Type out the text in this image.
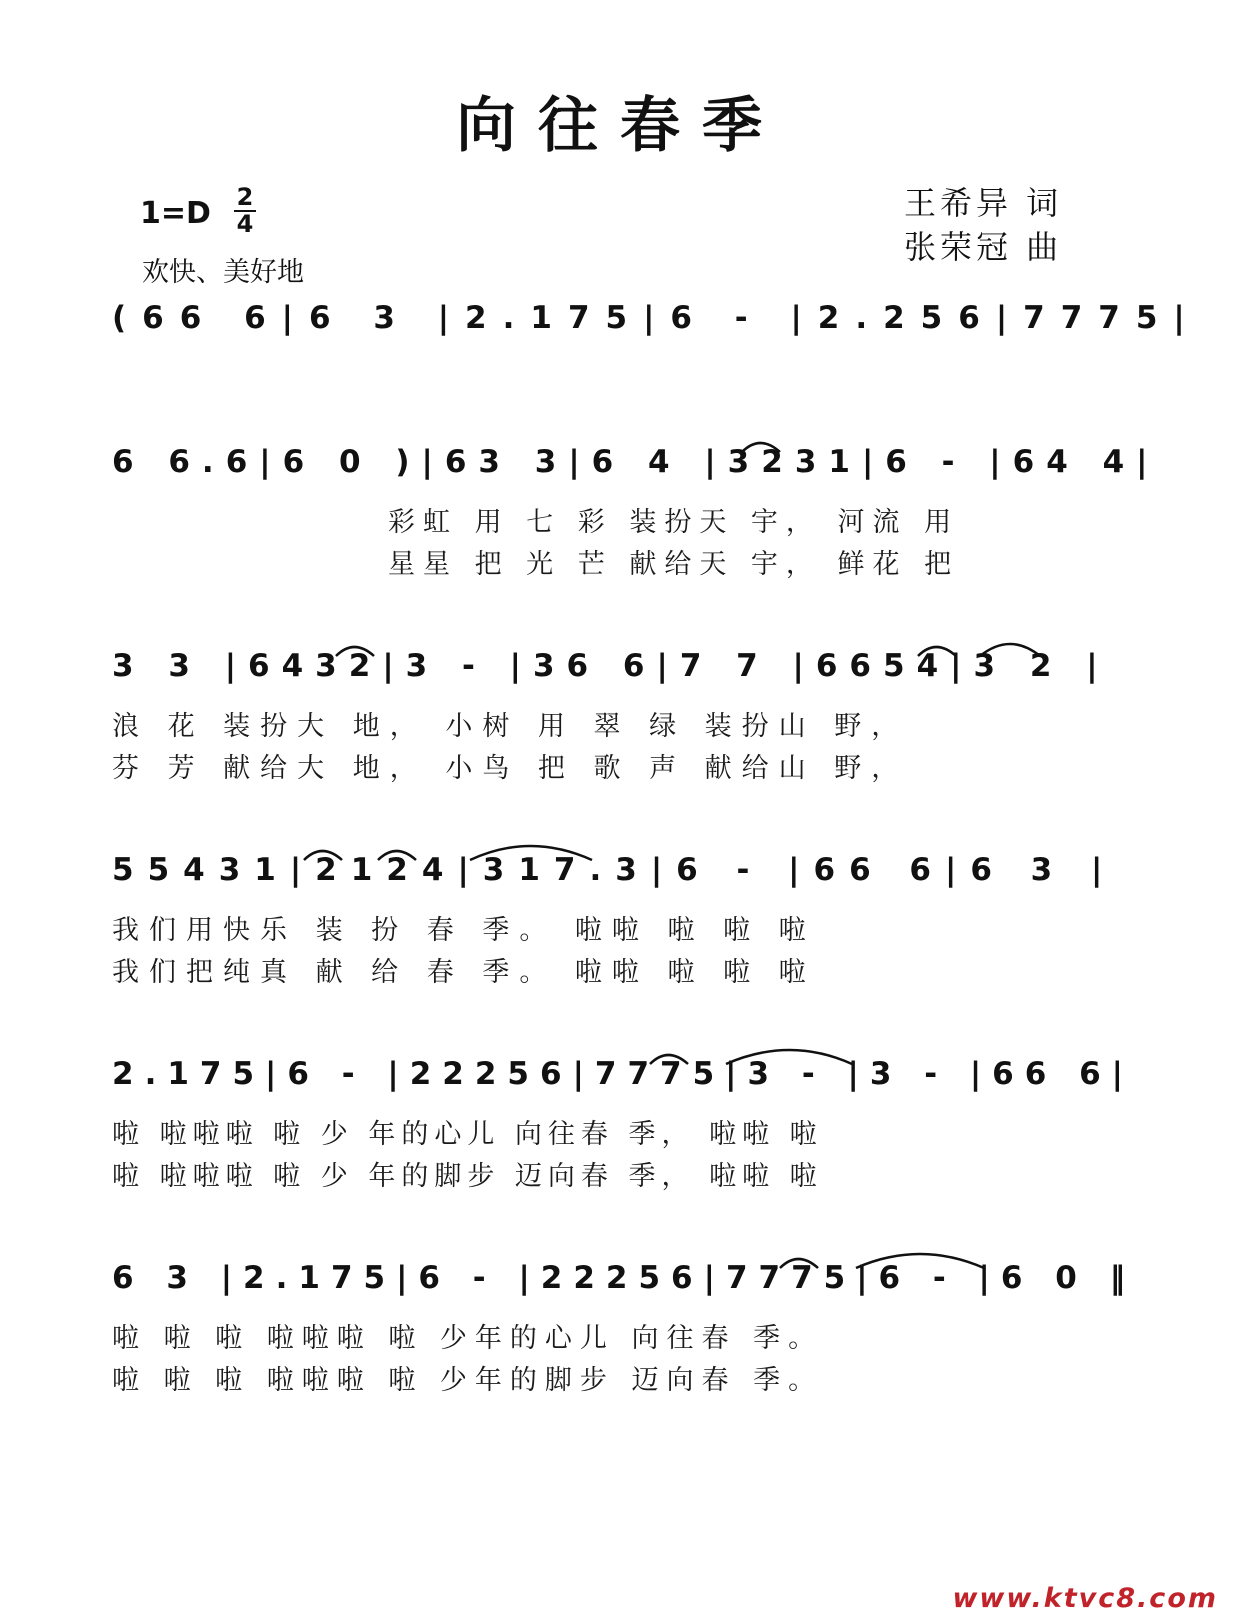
向往春季
1=D 2
4
欢快、美好地
王希异 词
张荣冠 曲
(66 6|6 3 |2.175|6 - |2.256|7775|
6 6.6|6 0 )|63 3|6 4 |3231|6 - |64 4|
彩虹 用 七 彩 装扮天 宇， 河流 用
星星 把 光 芒 献给天 宇， 鲜花 把
3 3 |6432|3 - |36 6|7 7 |6654|3 2 |
浪 花 装扮大 地， 小树 用 翠 绿 装扮山 野，
芬 芳 献给大 地， 小鸟 把 歌 声 献给山 野，
55431|2124|317.3|6 - |66 6|6 3 |
我们用快乐 装 扮 春 季。 啦啦 啦 啦 啦
我们把纯真 献 给 春 季。 啦啦 啦 啦 啦
2.175|6 - |22256|7775|3 - |3 - |66 6|
啦 啦啦啦 啦 少 年的心儿 向往春 季， 啦啦 啦
啦 啦啦啦 啦 少 年的脚步 迈向春 季， 啦啦 啦
6 3 |2.175|6 - |22256|7775|6 - |6 0 ‖
啦 啦 啦 啦啦啦 啦 少年的心儿 向往春 季。
啦 啦 啦 啦啦啦 啦 少年的脚步 迈向春 季。
www.ktvc8.com
